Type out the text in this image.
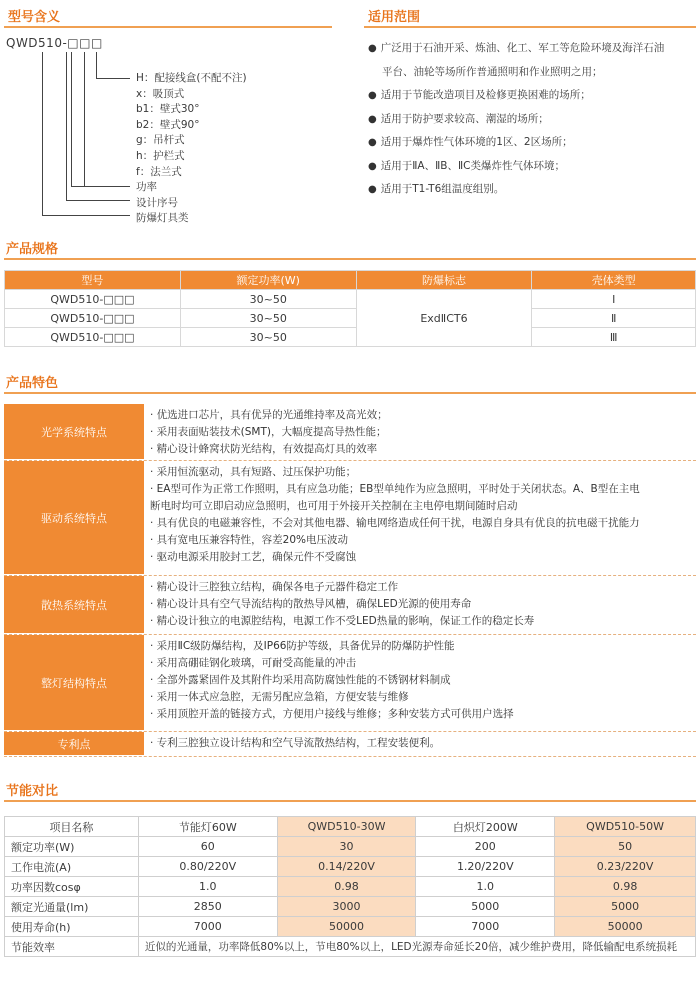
型号含义
QWD510-□□□
H：配接线盒(不配不注)
x：吸顶式
b1：壁式30°
b2：壁式90°
g：吊杆式
h：护栏式
f：法兰式
功率
设计序号
防爆灯具类
适用范围
● 广泛用于石油开采、炼油、化工、军工等危险环境及海洋石油
平台、油轮等场所作普通照明和作业照明之用；
● 适用于节能改造项目及检修更换困难的场所；
● 适用于防护要求较高、潮湿的场所；
● 适用于爆炸性气体环境的1区、2区场所；
● 适用于ⅡA、ⅡB、ⅡC类爆炸性气体环境；
● 适用于T1-T6组温度组别。
产品规格
型号	额定功率(W)	防爆标志	壳体类型
QWD510-□□□	30~50	ExdⅡCT6	Ⅰ
QWD510-□□□	30~50		Ⅱ
QWD510-□□□	30~50		Ⅲ
产品特色
光学系统特点
· 优选进口芯片，具有优异的光通维持率及高光效；
· 采用表面贴装技术(SMT)，大幅度提高导热性能；
· 精心设计蜂窝状防光结构，有效提高灯具的效率
驱动系统特点
· 采用恒流驱动，具有短路、过压保护功能；
· EA型可作为正常工作照明，具有应急功能；EB型单纯作为应急照明，平时处于关闭状态。A、B型在主电
断电时均可立即启动应急照明，也可用于外接开关控制在主电停电期间随时启动
· 具有优良的电磁兼容性，不会对其他电器、输电网络造成任何干扰，电源自身具有优良的抗电磁干扰能力
· 具有宽电压兼容特性，容差20%电压波动
· 驱动电源采用胶封工艺，确保元件不受腐蚀
散热系统特点
· 精心设计三腔独立结构，确保各电子元器件稳定工作
· 精心设计具有空气导流结构的散热导风槽，确保LED光源的使用寿命
· 精心设计独立的电源腔结构，电源工作不受LED热量的影响，保证工作的稳定长寿
整灯结构特点
· 采用ⅡC级防爆结构，及IP66防护等级，具备优异的防爆防护性能
· 采用高硼硅钢化玻璃，可耐受高能量的冲击
· 全部外露紧固件及其附件均采用高防腐蚀性能的不锈钢材料制成
· 采用一体式应急腔，无需另配应急箱，方便安装与维修
· 采用顶腔开盖的链接方式，方便用户接线与维修；多种安装方式可供用户选择
专利点	· 专利三腔独立设计结构和空气导流散热结构，工程安装便利。
节能对比
项目名称	节能灯60W	QWD510-30W	白炽灯200W	QWD510-50W
额定功率(W)	60	30	200	50
工作电流(A)	0.80/220V	0.14/220V	1.20/220V	0.23/220V
功率因数cosφ	1.0	0.98	1.0	0.98
额定光通量(lm)	2850	3000	5000	5000
使用寿命(h)	7000	50000	7000	50000
节能效率	近似的光通量，功率降低80%以上，节电80%以上，LED光源寿命延长20倍，减少维护费用，降低输配电系统损耗			
